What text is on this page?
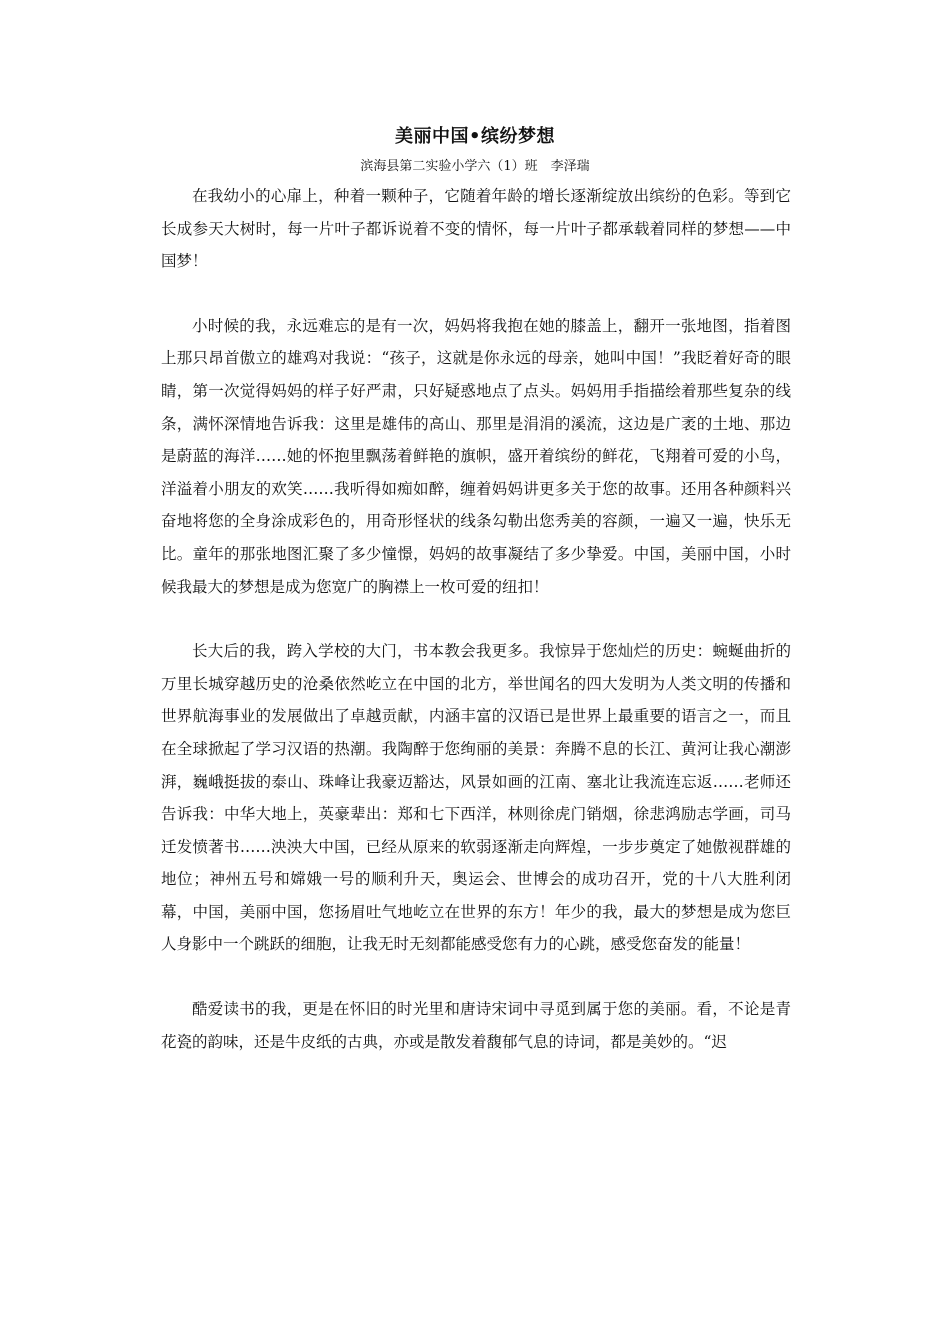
美丽中国•缤纷梦想
滨海县第二实验小学六（1）班　李泽瑞

在我幼小的心扉上，种着一颗种子，它随着年龄的增长逐渐绽放出缤纷的色彩。等到它长成参天大树时，每一片叶子都诉说着不变的情怀，每一片叶子都承载着同样的梦想——中国梦！

小时候的我，永远难忘的是有一次，妈妈将我抱在她的膝盖上，翻开一张地图，指着图上那只昂首傲立的雄鸡对我说：“孩子，这就是你永远的母亲，她叫中国！”我眨着好奇的眼睛，第一次觉得妈妈的样子好严肃，只好疑惑地点了点头。妈妈用手指描绘着那些复杂的线条，满怀深情地告诉我：这里是雄伟的高山、那里是涓涓的溪流，这边是广袤的土地、那边是蔚蓝的海洋……她的怀抱里飘荡着鲜艳的旗帜，盛开着缤纷的鲜花，飞翔着可爱的小鸟，洋溢着小朋友的欢笑……我听得如痴如醉，缠着妈妈讲更多关于您的故事。还用各种颜料兴奋地将您的全身涂成彩色的，用奇形怪状的线条勾勒出您秀美的容颜，一遍又一遍，快乐无比。童年的那张地图汇聚了多少憧憬，妈妈的故事凝结了多少挚爱。中国，美丽中国，小时候我最大的梦想是成为您宽广的胸襟上一枚可爱的纽扣！

长大后的我，跨入学校的大门，书本教会我更多。我惊异于您灿烂的历史：蜿蜒曲折的万里长城穿越历史的沧桑依然屹立在中国的北方，举世闻名的四大发明为人类文明的传播和世界航海事业的发展做出了卓越贡献，内涵丰富的汉语已是世界上最重要的语言之一，而且在全球掀起了学习汉语的热潮。我陶醉于您绚丽的美景：奔腾不息的长江、黄河让我心潮澎湃，巍峨挺拔的泰山、珠峰让我豪迈豁达，风景如画的江南、塞北让我流连忘返……老师还告诉我：中华大地上，英豪辈出：郑和七下西洋，林则徐虎门销烟，徐悲鸿励志学画，司马迁发愤著书……泱泱大中国，已经从原来的软弱逐渐走向辉煌，一步步奠定了她傲视群雄的地位；神州五号和嫦娥一号的顺利升天，奥运会、世博会的成功召开，党的十八大胜利闭幕，中国，美丽中国，您扬眉吐气地屹立在世界的东方！年少的我，最大的梦想是成为您巨人身影中一个跳跃的细胞，让我无时无刻都能感受您有力的心跳，感受您奋发的能量！

酷爱读书的我，更是在怀旧的时光里和唐诗宋词中寻觅到属于您的美丽。看，不论是青花瓷的韵味，还是牛皮纸的古典，亦或是散发着馥郁气息的诗词，都是美妙的。“迟
